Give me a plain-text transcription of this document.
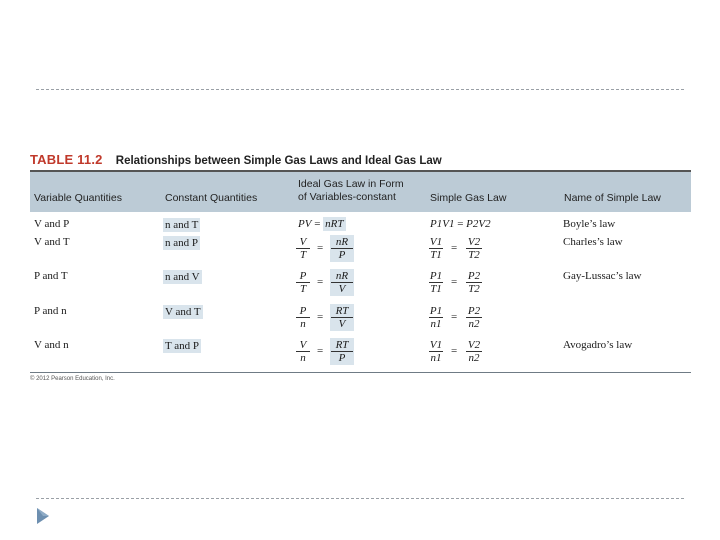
TABLE 11.2 Relationships between Simple Gas Laws and Ideal Gas Law
Variable Quantities	Constant Quantities
Ideal Gas Law in Form
of Variables-constant	Simple Gas Law	Name of Simple Law
V and P	n and T	PV = nRT	P1V1 = P2V2	Boyle’s law
V and T	n and P	$\frac{V}{T} = \frac{nR}{P}$	$\frac{V1}{T1} = \frac{V2}{T2}$	Charles’s law
P and T	n and V	$\frac{P}{T} = \frac{nR}{V}$	$\frac{P1}{T1} = \frac{P2}{T2}$	Gay-Lussac’s law
P and n	V and T	$\frac{P}{n} = \frac{RT}{V}$	$\frac{P1}{n1} = \frac{P2}{n2}$
V and n	T and P	$\frac{V}{n} = \frac{RT}{P}$	$\frac{V1}{n1} = \frac{V2}{n2}$	Avogadro’s law
© 2012 Pearson Education, Inc.
